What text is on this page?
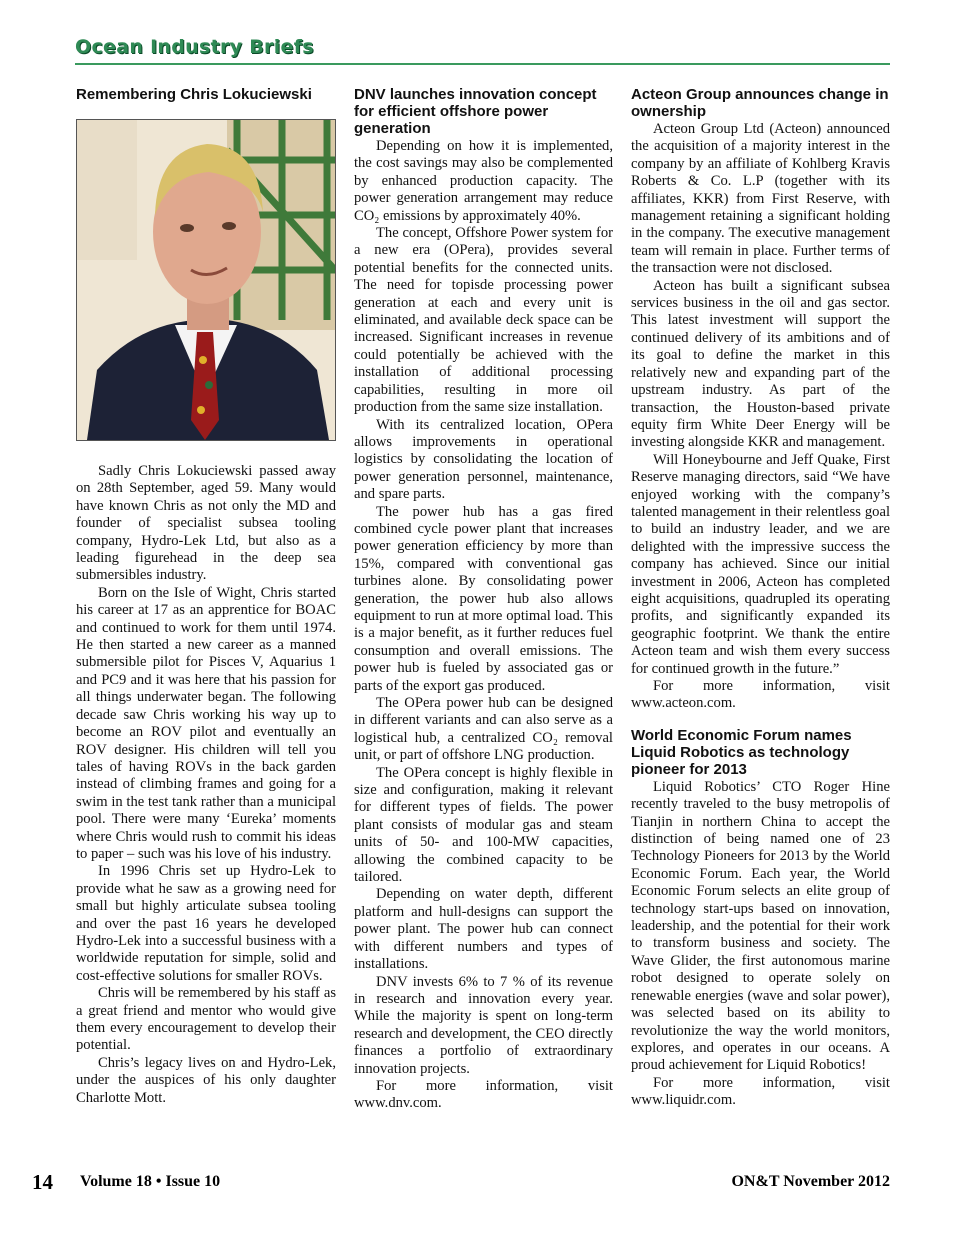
Ocean Industry Briefs
Remembering Chris Lokuciewski

Sadly Chris Lokuciewski passed away on 28th September, aged 59. Many would have known Chris as not only the MD and founder of specialist subsea tooling company, Hydro-Lek Ltd, but also as a leading figurehead in the deep sea submersibles industry.

Born on the Isle of Wight, Chris started his career at 17 as an apprentice for BOAC and continued to work for them until 1974. He then started a new career as a manned submersible pilot for Pisces V, Aquarius 1 and PC9 and it was here that his passion for all things underwater began. The following decade saw Chris working his way up to become an ROV pilot and eventually an ROV designer. His children will tell you tales of having ROVs in the back garden instead of climbing frames and going for a swim in the test tank rather than a municipal pool. There were many ‘Eureka’ moments where Chris would rush to commit his ideas to paper – such was his love of his industry.

In 1996 Chris set up Hydro-Lek to provide what he saw as a growing need for small but highly articulate subsea tooling and over the past 16 years he developed Hydro-Lek into a successful business with a worldwide reputation for simple, solid and cost-effective solutions for smaller ROVs.

Chris will be remembered by his staff as a great friend and mentor who would give them every encouragement to develop their potential.

Chris’s legacy lives on and Hydro-Lek, under the auspices of his only daughter Charlotte Mott.

DNV launches innovation concept for efficient offshore power generation

Depending on how it is implemented, the cost savings may also be complemented by enhanced production capacity. The power generation arrangement may reduce CO₂ emissions by approximately 40%.

The concept, Offshore Power system for a new era (OPera), provides several potential benefits for the connected units. The need for topisde processing power generation at each and every unit is eliminated, and available deck space can be increased. Significant increases in revenue could potentially be achieved with the installation of additional processing capabilities, resulting in more oil production from the same size installation.

With its centralized location, OPera allows improvements in operational logistics by consolidating the location of power generation personnel, maintenance, and spare parts.

The power hub has a gas fired combined cycle power plant that increases power generation efficiency by more than 15%, compared with conventional gas turbines alone. By consolidating power generation, the power hub also allows equipment to run at more optimal load. This is a major benefit, as it further reduces fuel consumption and overall emissions. The power hub is fueled by associated gas or parts of the export gas produced.

The OPera power hub can be designed in different variants and can also serve as a logistical hub, a centralized CO₂ removal unit, or part of offshore LNG production.

The OPera concept is highly flexible in size and configuration, making it relevant for different types of fields. The power plant consists of modular gas and steam units of 50- and 100-MW capacities, allowing the combined capacity to be tailored.

Depending on water depth, different platform and hull-designs can support the power plant. The power hub can connect with different numbers and types of installations.

DNV invests 6% to 7 % of its revenue in research and innovation every year. While the majority is spent on long-term research and development, the CEO directly finances a portfolio of extraordinary innovation projects.

For more information, visit www.dnv.com.

Acteon Group announces change in ownership

Acteon Group Ltd (Acteon) announced the acquisition of a majority interest in the company by an affiliate of Kohlberg Kravis Roberts & Co. L.P (together with its affiliates, KKR) from First Reserve, with management retaining a significant holding in the company. The executive management team will remain in place. Further terms of the transaction were not disclosed.

Acteon has built a significant subsea services business in the oil and gas sector. This latest investment will support the continued delivery of its ambitions and of its goal to define the market in this relatively new and expanding part of the upstream industry. As part of the transaction, the Houston-based private equity firm White Deer Energy will be investing alongside KKR and management.

Will Honeybourne and Jeff Quake, First Reserve managing directors, said “We have enjoyed working with the company’s talented management in their relentless goal to build an industry leader, and we are delighted with the impressive success the company has achieved. Since our initial investment in 2006, Acteon has completed eight acquisitions, quadrupled its operating profits, and significantly expanded its geographic footprint. We thank the entire Acteon team and wish them every success for continued growth in the future.”

For more information, visit www.acteon.com.

World Economic Forum names Liquid Robotics as technology pioneer for 2013

Liquid Robotics’ CTO Roger Hine recently traveled to the busy metropolis of Tianjin in northern China to accept the distinction of being named one of 23 Technology Pioneers for 2013 by the World Economic Forum. Each year, the World Economic Forum selects an elite group of technology start-ups based on innovation, leadership, and the potential for their work to transform business and society. The Wave Glider, the first autonomous marine robot designed to operate solely on renewable energies (wave and solar power), was selected based on its ability to revolutionize the way the world monitors, explores, and operates in our oceans. A proud achievement for Liquid Robotics!

For more information, visit www.liquidr.com.

14 Volume 18 • Issue 10	ON&T November 2012
